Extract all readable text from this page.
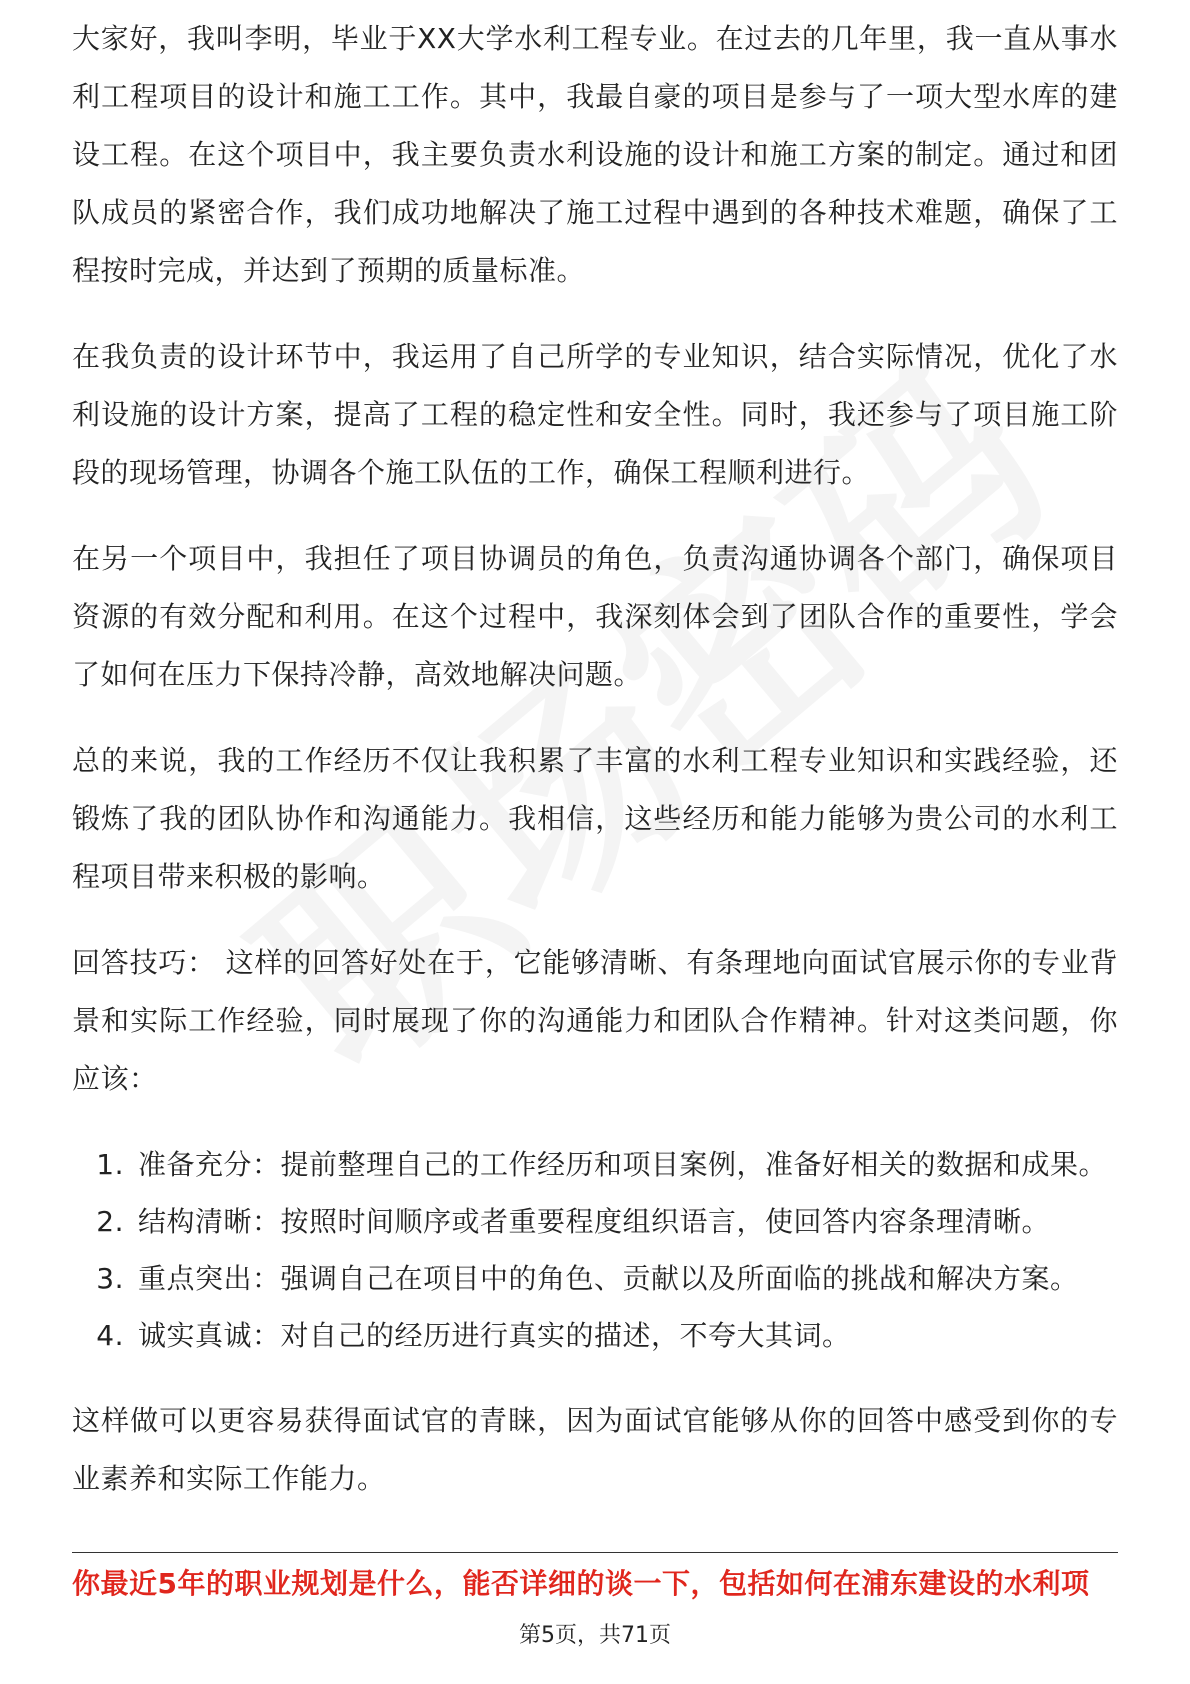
大家好，我叫李明，毕业于XX大学水利工程专业。在过去的几年里，我一直从事水利工程项目的设计和施工工作。其中，我最自豪的项目是参与了一项大型水库的建设工程。在这个项目中，我主要负责水利设施的设计和施工方案的制定。通过和团队成员的紧密合作，我们成功地解决了施工过程中遇到的各种技术难题，确保了工程按时完成，并达到了预期的质量标准。

在我负责的设计环节中，我运用了自己所学的专业知识，结合实际情况，优化了水利设施的设计方案，提高了工程的稳定性和安全性。同时，我还参与了项目施工阶段的现场管理，协调各个施工队伍的工作，确保工程顺利进行。

在另一个项目中，我担任了项目协调员的角色，负责沟通协调各个部门，确保项目资源的有效分配和利用。在这个过程中，我深刻体会到了团队合作的重要性，学会了如何在压力下保持冷静，高效地解决问题。

总的来说，我的工作经历不仅让我积累了丰富的水利工程专业知识和实践经验，还锻炼了我的团队协作和沟通能力。我相信，这些经历和能力能够为贵公司的水利工程项目带来积极的影响。

回答技巧： 这样的回答好处在于，它能够清晰、有条理地向面试官展示你的专业背景和实际工作经验，同时展现了你的沟通能力和团队合作精神。针对这类问题，你应该：

1. 准备充分：提前整理自己的工作经历和项目案例，准备好相关的数据和成果。
2. 结构清晰：按照时间顺序或者重要程度组织语言，使回答内容条理清晰。
3. 重点突出：强调自己在项目中的角色、贡献以及所面临的挑战和解决方案。
4. 诚实真诚：对自己的经历进行真实的描述，不夸大其词。

这样做可以更容易获得面试官的青睐，因为面试官能够从你的回答中感受到你的专业素养和实际工作能力。

你最近5年的职业规划是什么，能否详细的谈一下，包括如何在浦东建设的水利项
第5页，共71页
